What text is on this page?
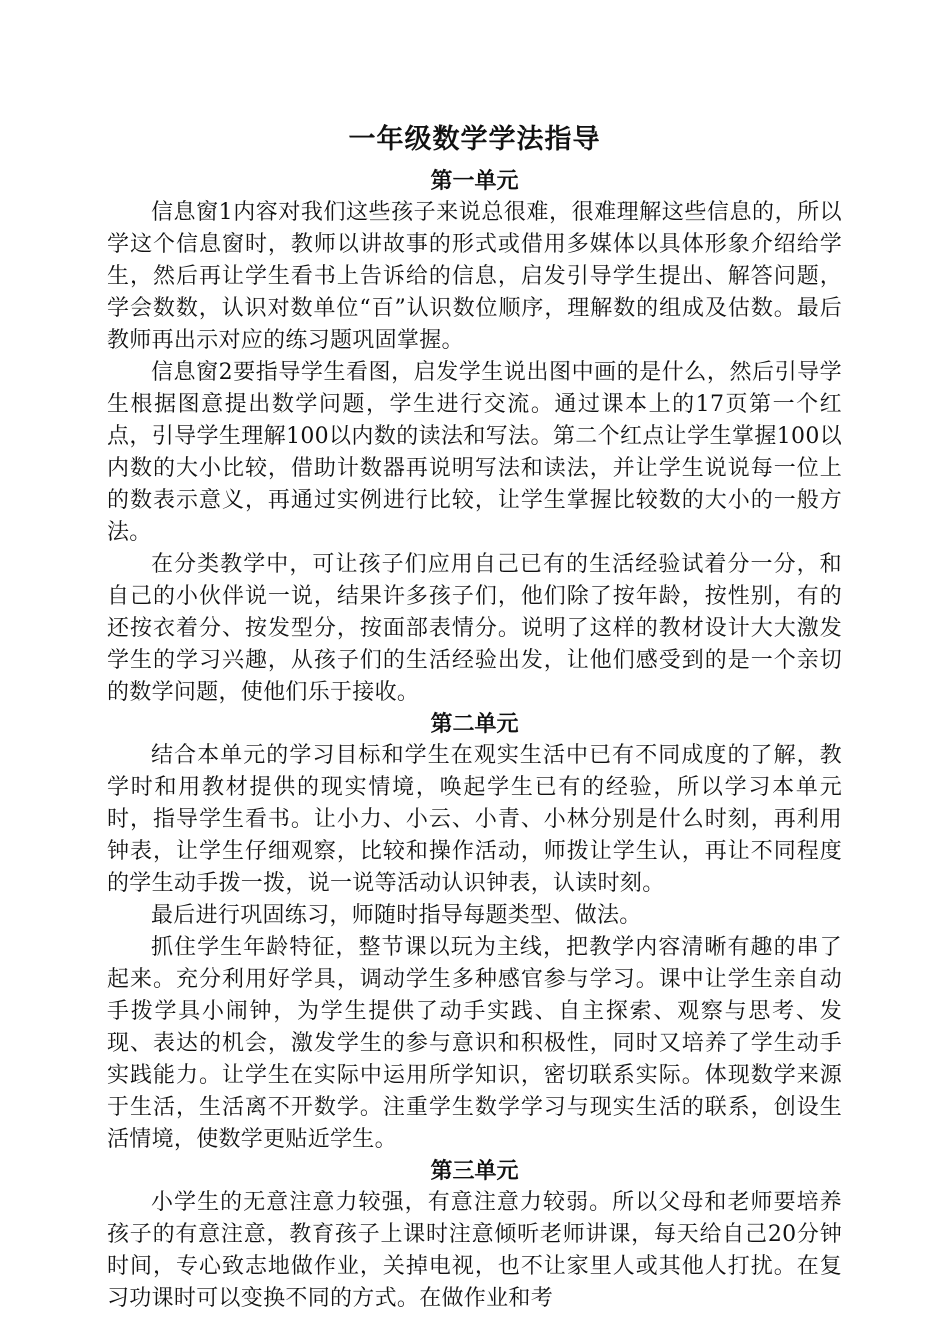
一年级数学学法指导
第一单元

信息窗1内容对我们这些孩子来说总很难，很难理解这些信息的，所以学这个信息窗时，教师以讲故事的形式或借用多媒体以具体形象介绍给学生，然后再让学生看书上告诉给的信息，启发引导学生提出、解答问题，学会数数，认识对数单位“百”认识数位顺序，理解数的组成及估数。最后教师再出示对应的练习题巩固掌握。

信息窗2要指导学生看图，启发学生说出图中画的是什么，然后引导学生根据图意提出数学问题，学生进行交流。通过课本上的17页第一个红点，引导学生理解100以内数的读法和写法。第二个红点让学生掌握100以内数的大小比较，借助计数器再说明写法和读法，并让学生说说每一位上的数表示意义，再通过实例进行比较，让学生掌握比较数的大小的一般方法。

在分类教学中，可让孩子们应用自己已有的生活经验试着分一分，和自己的小伙伴说一说，结果许多孩子们，他们除了按年龄，按性别，有的还按衣着分、按发型分，按面部表情分。说明了这样的教材设计大大激发学生的学习兴趣，从孩子们的生活经验出发，让他们感受到的是一个亲切的数学问题，使他们乐于接收。

第二单元

结合本单元的学习目标和学生在观实生活中已有不同成度的了解，教学时和用教材提供的现实情境，唤起学生已有的经验，所以学习本单元时，指导学生看书。让小力、小云、小青、小林分别是什么时刻，再利用钟表，让学生仔细观察，比较和操作活动，师拨让学生认，再让不同程度的学生动手拨一拨，说一说等活动认识钟表，认读时刻。

最后进行巩固练习，师随时指导每题类型、做法。

抓住学生年龄特征，整节课以玩为主线，把教学内容清晰有趣的串了起来。充分利用好学具，调动学生多种感官参与学习。课中让学生亲自动手拨学具小闹钟，为学生提供了动手实践、自主探索、观察与思考、发现、表达的机会，激发学生的参与意识和积极性，同时又培养了学生动手实践能力。让学生在实际中运用所学知识，密切联系实际。体现数学来源于生活，生活离不开数学。注重学生数学学习与现实生活的联系，创设生活情境，使数学更贴近学生。

第三单元

小学生的无意注意力较强，有意注意力较弱。所以父母和老师要培养孩子的有意注意，教育孩子上课时注意倾听老师讲课，每天给自己20分钟时间，专心致志地做作业，关掉电视，也不让家里人或其他人打扰。在复习功课时可以变换不同的方式。在做作业和考
